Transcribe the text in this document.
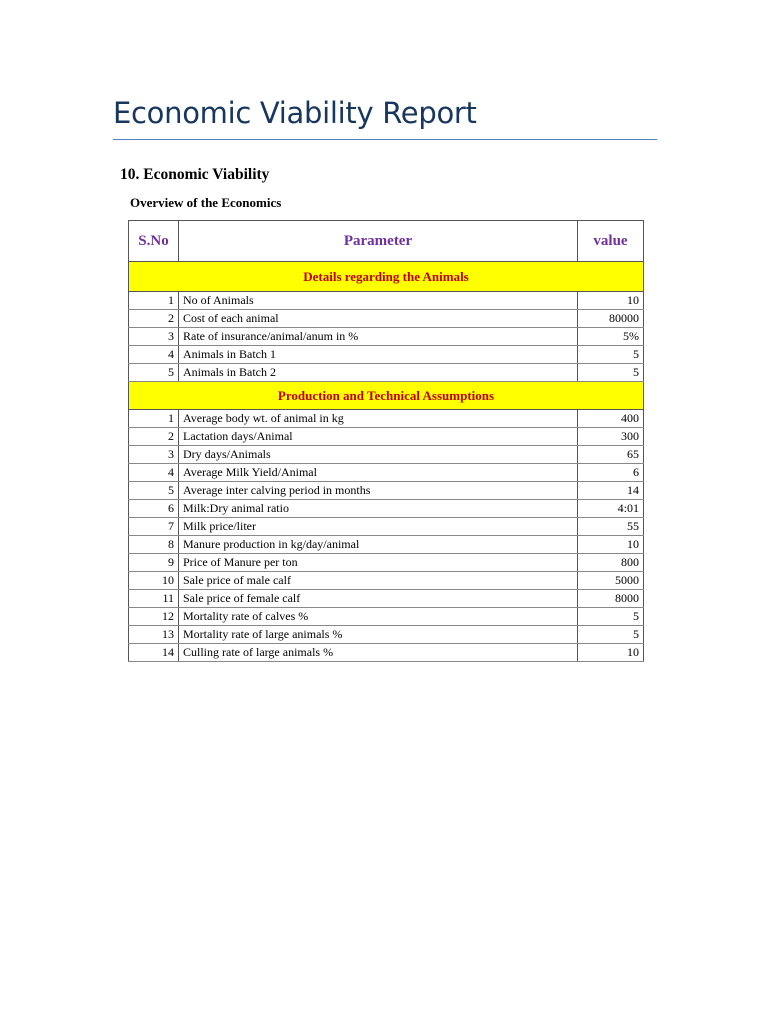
Economic Viability Report
10. Economic Viability
Overview of the Economics
S.No	Parameter	value
Details regarding the Animals		
1	No of Animals	10
2	Cost of each animal	80000
3	Rate of insurance/animal/anum in %	5%
4	Animals in Batch 1	5
5	Animals in Batch 2	5
Production and Technical Assumptions		
1	Average body wt. of animal in kg	400
2	Lactation days/Animal	300
3	Dry days/Animals	65
4	Average Milk Yield/Animal	6
5	Average inter calving period in months	14
6	Milk:Dry animal ratio	4:01
7	Milk price/liter	55
8	Manure production in kg/day/animal	10
9	Price of Manure per ton	800
10	Sale price of male calf	5000
11	Sale price of female calf	8000
12	Mortality rate of calves %	5
13	Mortality rate of large animals %	5
14	Culling rate of large animals %	10
